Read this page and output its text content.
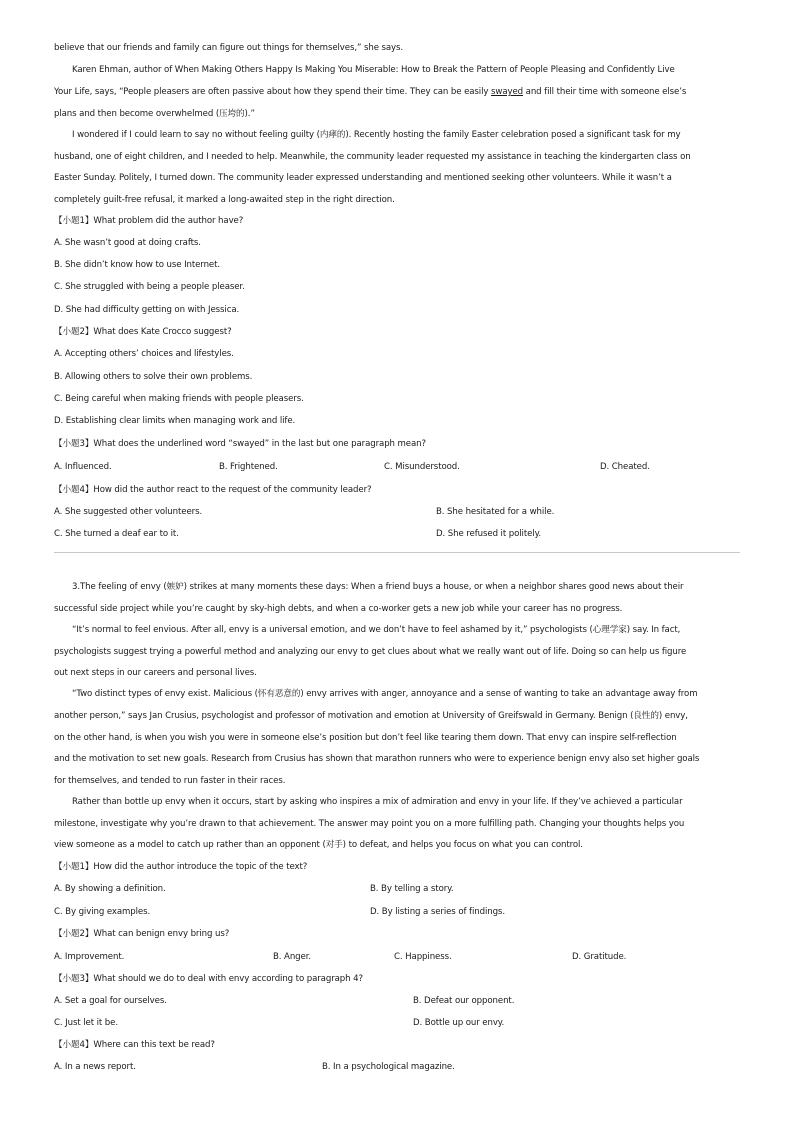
believe that our friends and family can figure out things for themselves,” she says.
Karen Ehman, author of When Making Others Happy Is Making You Miserable: How to Break the Pattern of People Pleasing and Confidently Live
Your Life, says, “People pleasers are often passive about how they spend their time. They can be easily swayed and fill their time with someone else’s
plans and then become overwhelmed (压垮的).”
I wondered if I could learn to say no without feeling guilty (内痚的). Recently hosting the family Easter celebration posed a significant task for my
husband, one of eight children, and I needed to help. Meanwhile, the community leader requested my assistance in teaching the kindergarten class on
Easter Sunday. Politely, I turned down. The community leader expressed understanding and mentioned seeking other volunteers. While it wasn’t a
completely guilt-free refusal, it marked a long-awaited step in the right direction.
【小题1】What problem did the author have?
A. She wasn’t good at doing crafts.
B. She didn’t know how to use Internet.
C. She struggled with being a people pleaser.
D. She had difficulty getting on with Jessica.
【小题2】What does Kate Crocco suggest?
A. Accepting others’ choices and lifestyles.
B. Allowing others to solve their own problems.
C. Being careful when making friends with people pleasers.
D. Establishing clear limits when managing work and life.
【小题3】What does the underlined word “swayed” in the last but one paragraph mean?
A. Influenced.	B. Frightened.	C. Misunderstood.	D. Cheated.
【小题4】How did the author react to the request of the community leader?
A. She suggested other volunteers.	B. She hesitated for a while.
C. She turned a deaf ear to it.	D. She refused it politely.
3.The feeling of envy (嫉妒) strikes at many moments these days: When a friend buys a house, or when a neighbor shares good news about their
successful side project while you’re caught by sky-high debts, and when a co-worker gets a new job while your career has no progress.
“It’s normal to feel envious. After all, envy is a universal emotion, and we don’t have to feel ashamed by it,” psychologists (心理学家) say. In fact,
psychologists suggest trying a powerful method and analyzing our envy to get clues about what we really want out of life. Doing so can help us figure
out next steps in our careers and personal lives.
“Two distinct types of envy exist. Malicious (怀有恶意的) envy arrives with anger, annoyance and a sense of wanting to take an advantage away from
another person,” says Jan Crusius, psychologist and professor of motivation and emotion at University of Greifswald in Germany. Benign (良性的) envy,
on the other hand, is when you wish you were in someone else’s position but don’t feel like tearing them down. That envy can inspire self-reflection
and the motivation to set new goals. Research from Crusius has shown that marathon runners who were to experience benign envy also set higher goals
for themselves, and tended to run faster in their races.
Rather than bottle up envy when it occurs, start by asking who inspires a mix of admiration and envy in your life. If they’ve achieved a particular
milestone, investigate why you’re drawn to that achievement. The answer may point you on a more fulfilling path. Changing your thoughts helps you
view someone as a model to catch up rather than an opponent (对手) to defeat, and helps you focus on what you can control.
【小题1】How did the author introduce the topic of the text?
A. By showing a definition.	B. By telling a story.
C. By giving examples.	D. By listing a series of findings.
【小题2】What can benign envy bring us?
A. Improvement.	B. Anger.	C. Happiness.	D. Gratitude.
【小题3】What should we do to deal with envy according to paragraph 4?
A. Set a goal for ourselves.	B. Defeat our opponent.
C. Just let it be.	D. Bottle up our envy.
【小题4】Where can this text be read?
A. In a news report.	B. In a psychological magazine.
